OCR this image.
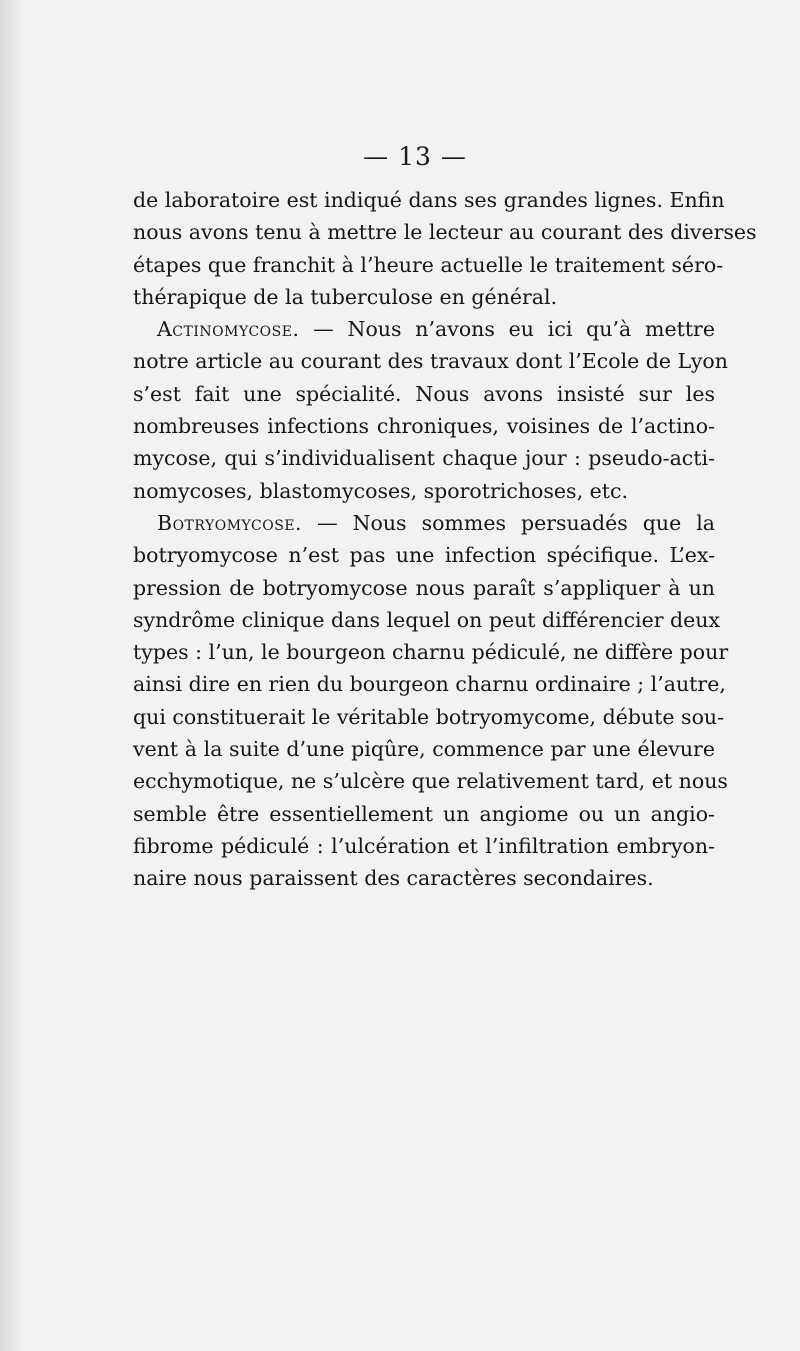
— 13 —
de laboratoire est indiqué dans ses grandes lignes. Enfin
nous avons tenu à mettre le lecteur au courant des diverses
étapes que franchit à l’heure actuelle le traitement séro-
thérapique de la tuberculose en général.
Actinomycose. — Nous n’avons eu ici qu’à mettre
notre article au courant des travaux dont l’Ecole de Lyon
s’est fait une spécialité. Nous avons insisté sur les
nombreuses infections chroniques, voisines de l’actino-
mycose, qui s’individualisent chaque jour : pseudo-acti-
nomycoses, blastomycoses, sporotrichoses, etc.
Botryomycose. — Nous sommes persuadés que la
botryomycose n’est pas une infection spécifique. L’ex-
pression de botryomycose nous paraît s’appliquer à un
syndrôme clinique dans lequel on peut différencier deux
types : l’un, le bourgeon charnu pédiculé, ne diffère pour
ainsi dire en rien du bourgeon charnu ordinaire ; l’autre,
qui constituerait le véritable botryomycome, débute sou-
vent à la suite d’une piqûre, commence par une élevure
ecchymotique, ne s’ulcère que relativement tard, et nous
semble être essentiellement un angiome ou un angio-
fibrome pédiculé : l’ulcération et l’infiltration embryon-
naire nous paraissent des caractères secondaires.
